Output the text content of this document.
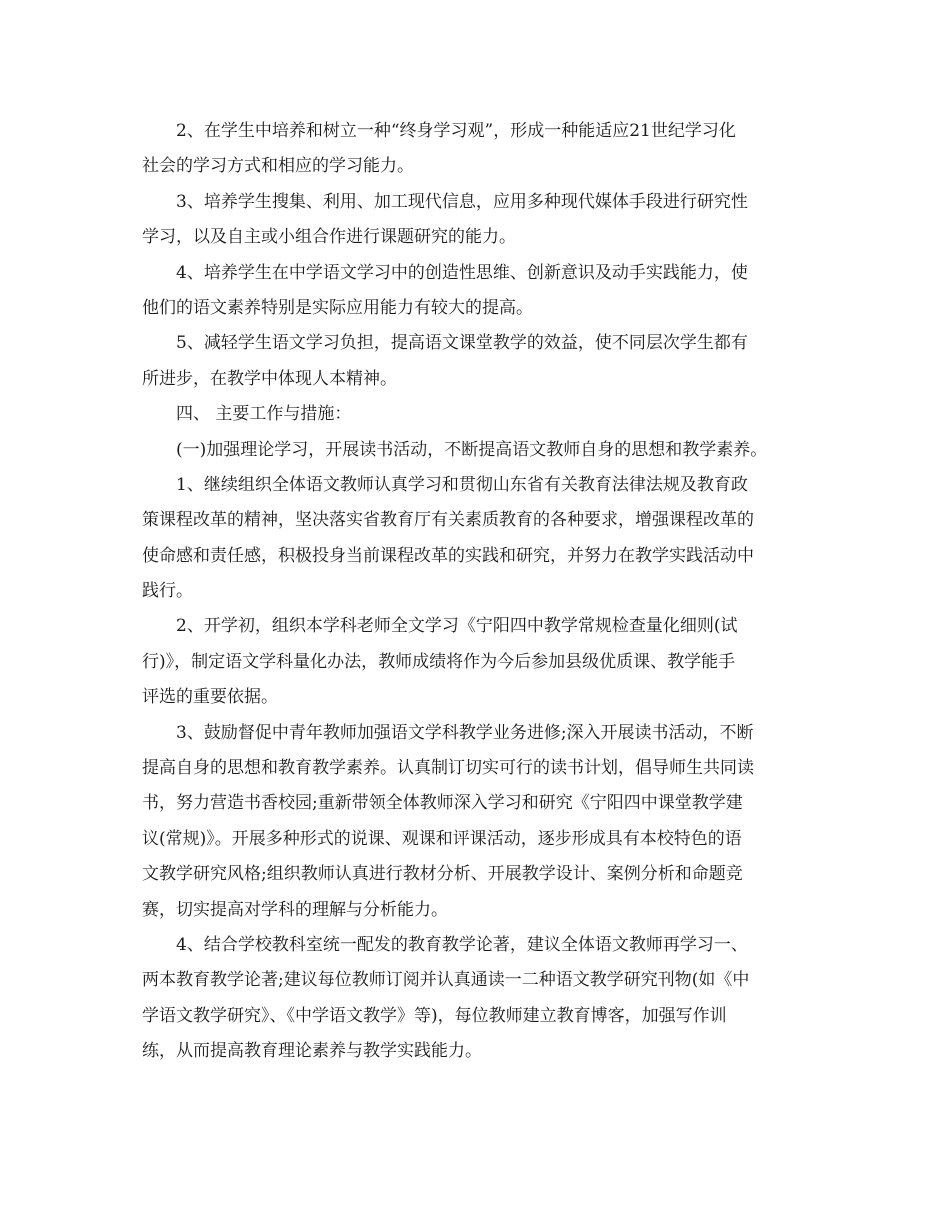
2、在学生中培养和树立一种“终身学习观”，形成一种能适应21世纪学习化
社会的学习方式和相应的学习能力。
3、培养学生搜集、利用、加工现代信息，应用多种现代媒体手段进行研究性
学习，以及自主或小组合作进行课题研究的能力。
4、培养学生在中学语文学习中的创造性思维、创新意识及动手实践能力，使
他们的语文素养特别是实际应用能力有较大的提高。
5、减轻学生语文学习负担，提高语文课堂教学的效益，使不同层次学生都有
所进步，在教学中体现人本精神。
四、 主要工作与措施：
(一)加强理论学习，开展读书活动，不断提高语文教师自身的思想和教学素养。
1、继续组织全体语文教师认真学习和贯彻山东省有关教育法律法规及教育政
策课程改革的精神，坚决落实省教育厅有关素质教育的各种要求，增强课程改革的
使命感和责任感，积极投身当前课程改革的实践和研究，并努力在教学实践活动中
践行。
2、开学初，组织本学科老师全文学习《宁阳四中教学常规检查量化细则(试
行)》，制定语文学科量化办法，教师成绩将作为今后参加县级优质课、教学能手
评选的重要依据。
3、鼓励督促中青年教师加强语文学科教学业务进修;深入开展读书活动，不断
提高自身的思想和教育教学素养。认真制订切实可行的读书计划，倡导师生共同读
书，努力营造书香校园;重新带领全体教师深入学习和研究《宁阳四中课堂教学建
议(常规)》。开展多种形式的说课、观课和评课活动，逐步形成具有本校特色的语
文教学研究风格;组织教师认真进行教材分析、开展教学设计、案例分析和命题竞
赛，切实提高对学科的理解与分析能力。
4、结合学校教科室统一配发的教育教学论著，建议全体语文教师再学习一、
两本教育教学论著;建议每位教师订阅并认真通读一二种语文教学研究刊物(如《中
学语文教学研究》、《中学语文教学》等)，每位教师建立教育博客，加强写作训
练，从而提高教育理论素养与教学实践能力。
